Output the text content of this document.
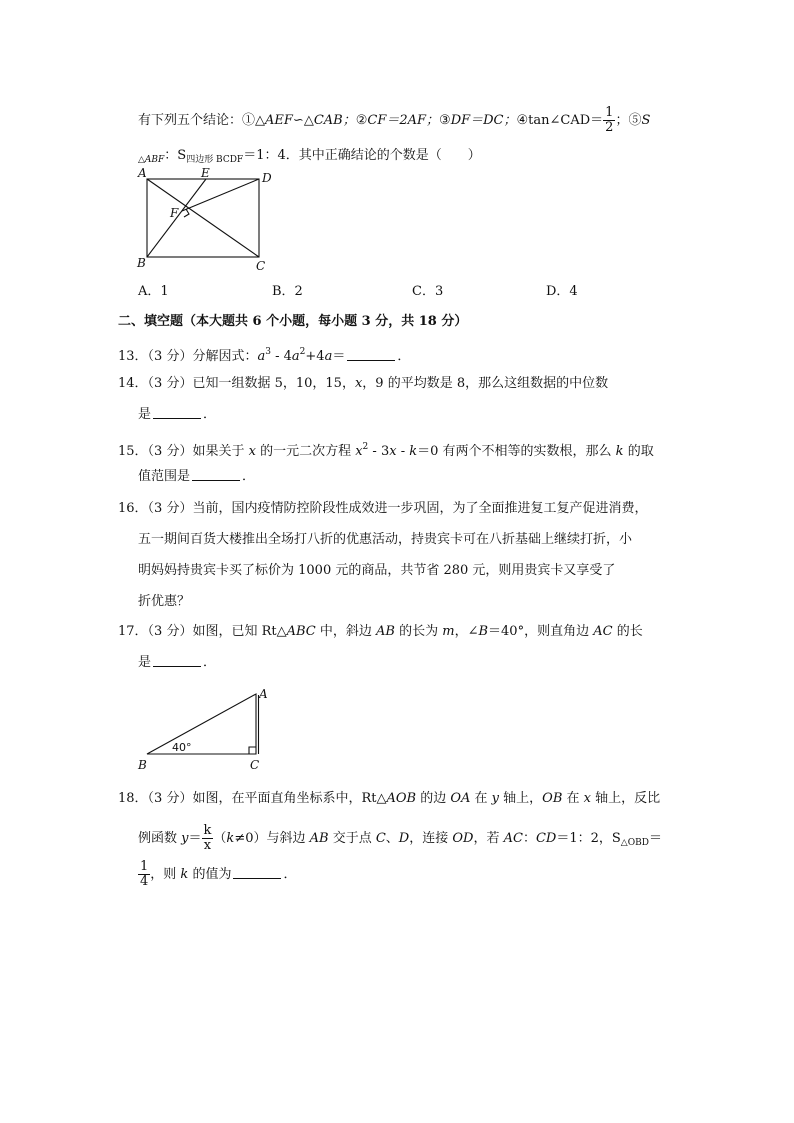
有下列五个结论：①△AEF∽△CAB；②CF＝2AF；③DF＝DC；④tan∠CAD＝ $\frac{1}{2}$ ；⑤S
$_{\triangle ABF}$：$S_{四边形 BCDF}=1$：4．其中正确结论的个数是（　　）
A	E	D
F
B	C
A．1	B．2	C．3	D．4
二、填空题（本大题共 6 个小题，每小题 3 分，共 18 分）
13．（3 分）分解因式：$a^3 - 4a^2+4a=$	．
14．（3 分）已知一组数据 5，10，15，x，9 的平均数是 8，那么这组数据的中位数
是	．
15．（3 分）如果关于 x 的一元二次方程 $x^2 - 3x - k=0$ 有两个不相等的实数根，那么 k 的取
值范围是	．
16．（3 分）当前，国内疫情防控阶段性成效进一步巩固，为了全面推进复工复产促进消费，
五一期间百货大楼推出全场打八折的优惠活动，持贵宾卡可在八折基础上继续打折，小
明妈妈持贵宾卡买了标价为 1000 元的商品，共节省 280 元，则用贵宾卡又享受了
折优惠？
17．（3 分）如图，已知 Rt△ABC 中，斜边 AB 的长为 m，∠B＝40°，则直角边 AC 的长
是	．
A
B	C
40°
18．（3 分）如图，在平面直角坐标系中，Rt△AOB 的边 OA 在 y 轴上，OB 在 x 轴上，反比
例函数 $y= \frac{k}{x} (k\ne 0)$与斜边 AB 交于点 C、D，连接 OD，若 AC：CD＝1：2，$S_{\triangle OBD}=$
$\frac{1}{4}$ ，则 k 的值为	．
